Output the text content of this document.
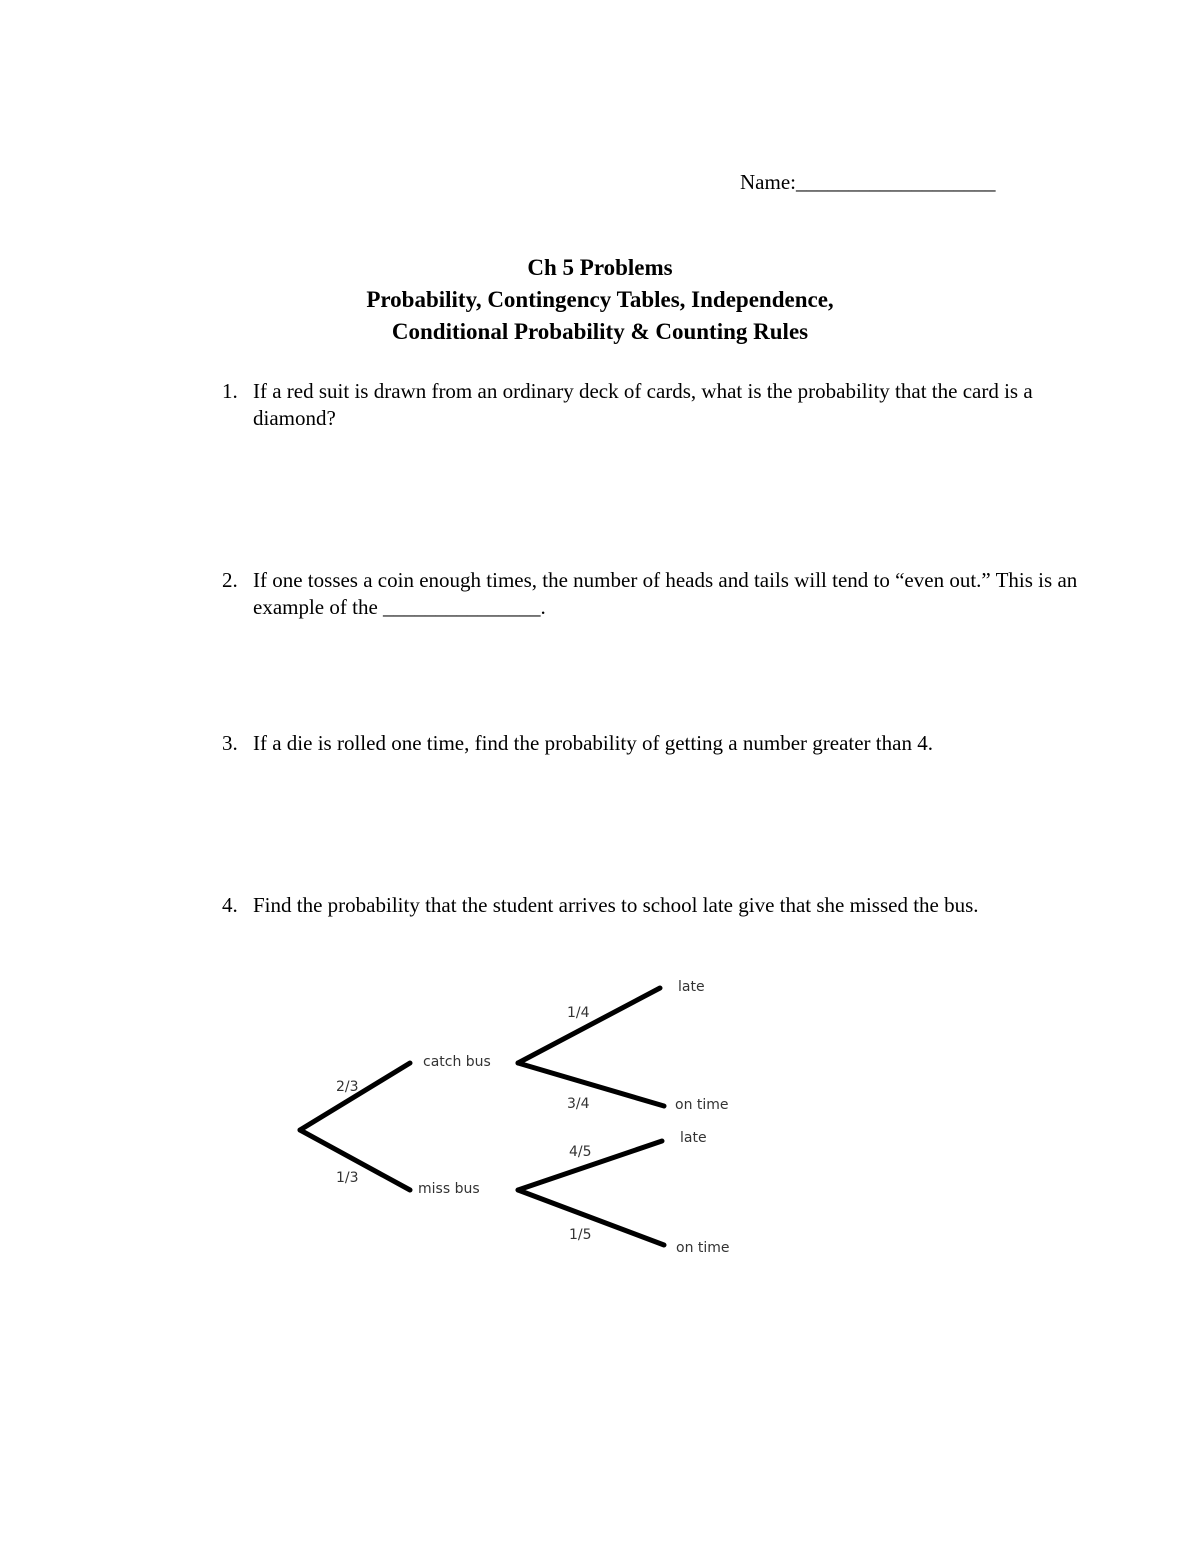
Name:___________________
Ch 5 Problems
Probability, Contingency Tables, Independence,
Conditional Probability & Counting Rules
1. If a red suit is drawn from an ordinary deck of cards, what is the probability that the card is a diamond?
2. If one tosses a coin enough times, the number of heads and tails will tend to “even out.” This is an example of the _______________.
3. If a die is rolled one time, find the probability of getting a number greater than 4.
4. Find the probability that the student arrives to school late give that she missed the bus.
2/3
catch bus
1/3
miss bus
1/4
late
3/4	on time
4/5
late
1/5
on time
